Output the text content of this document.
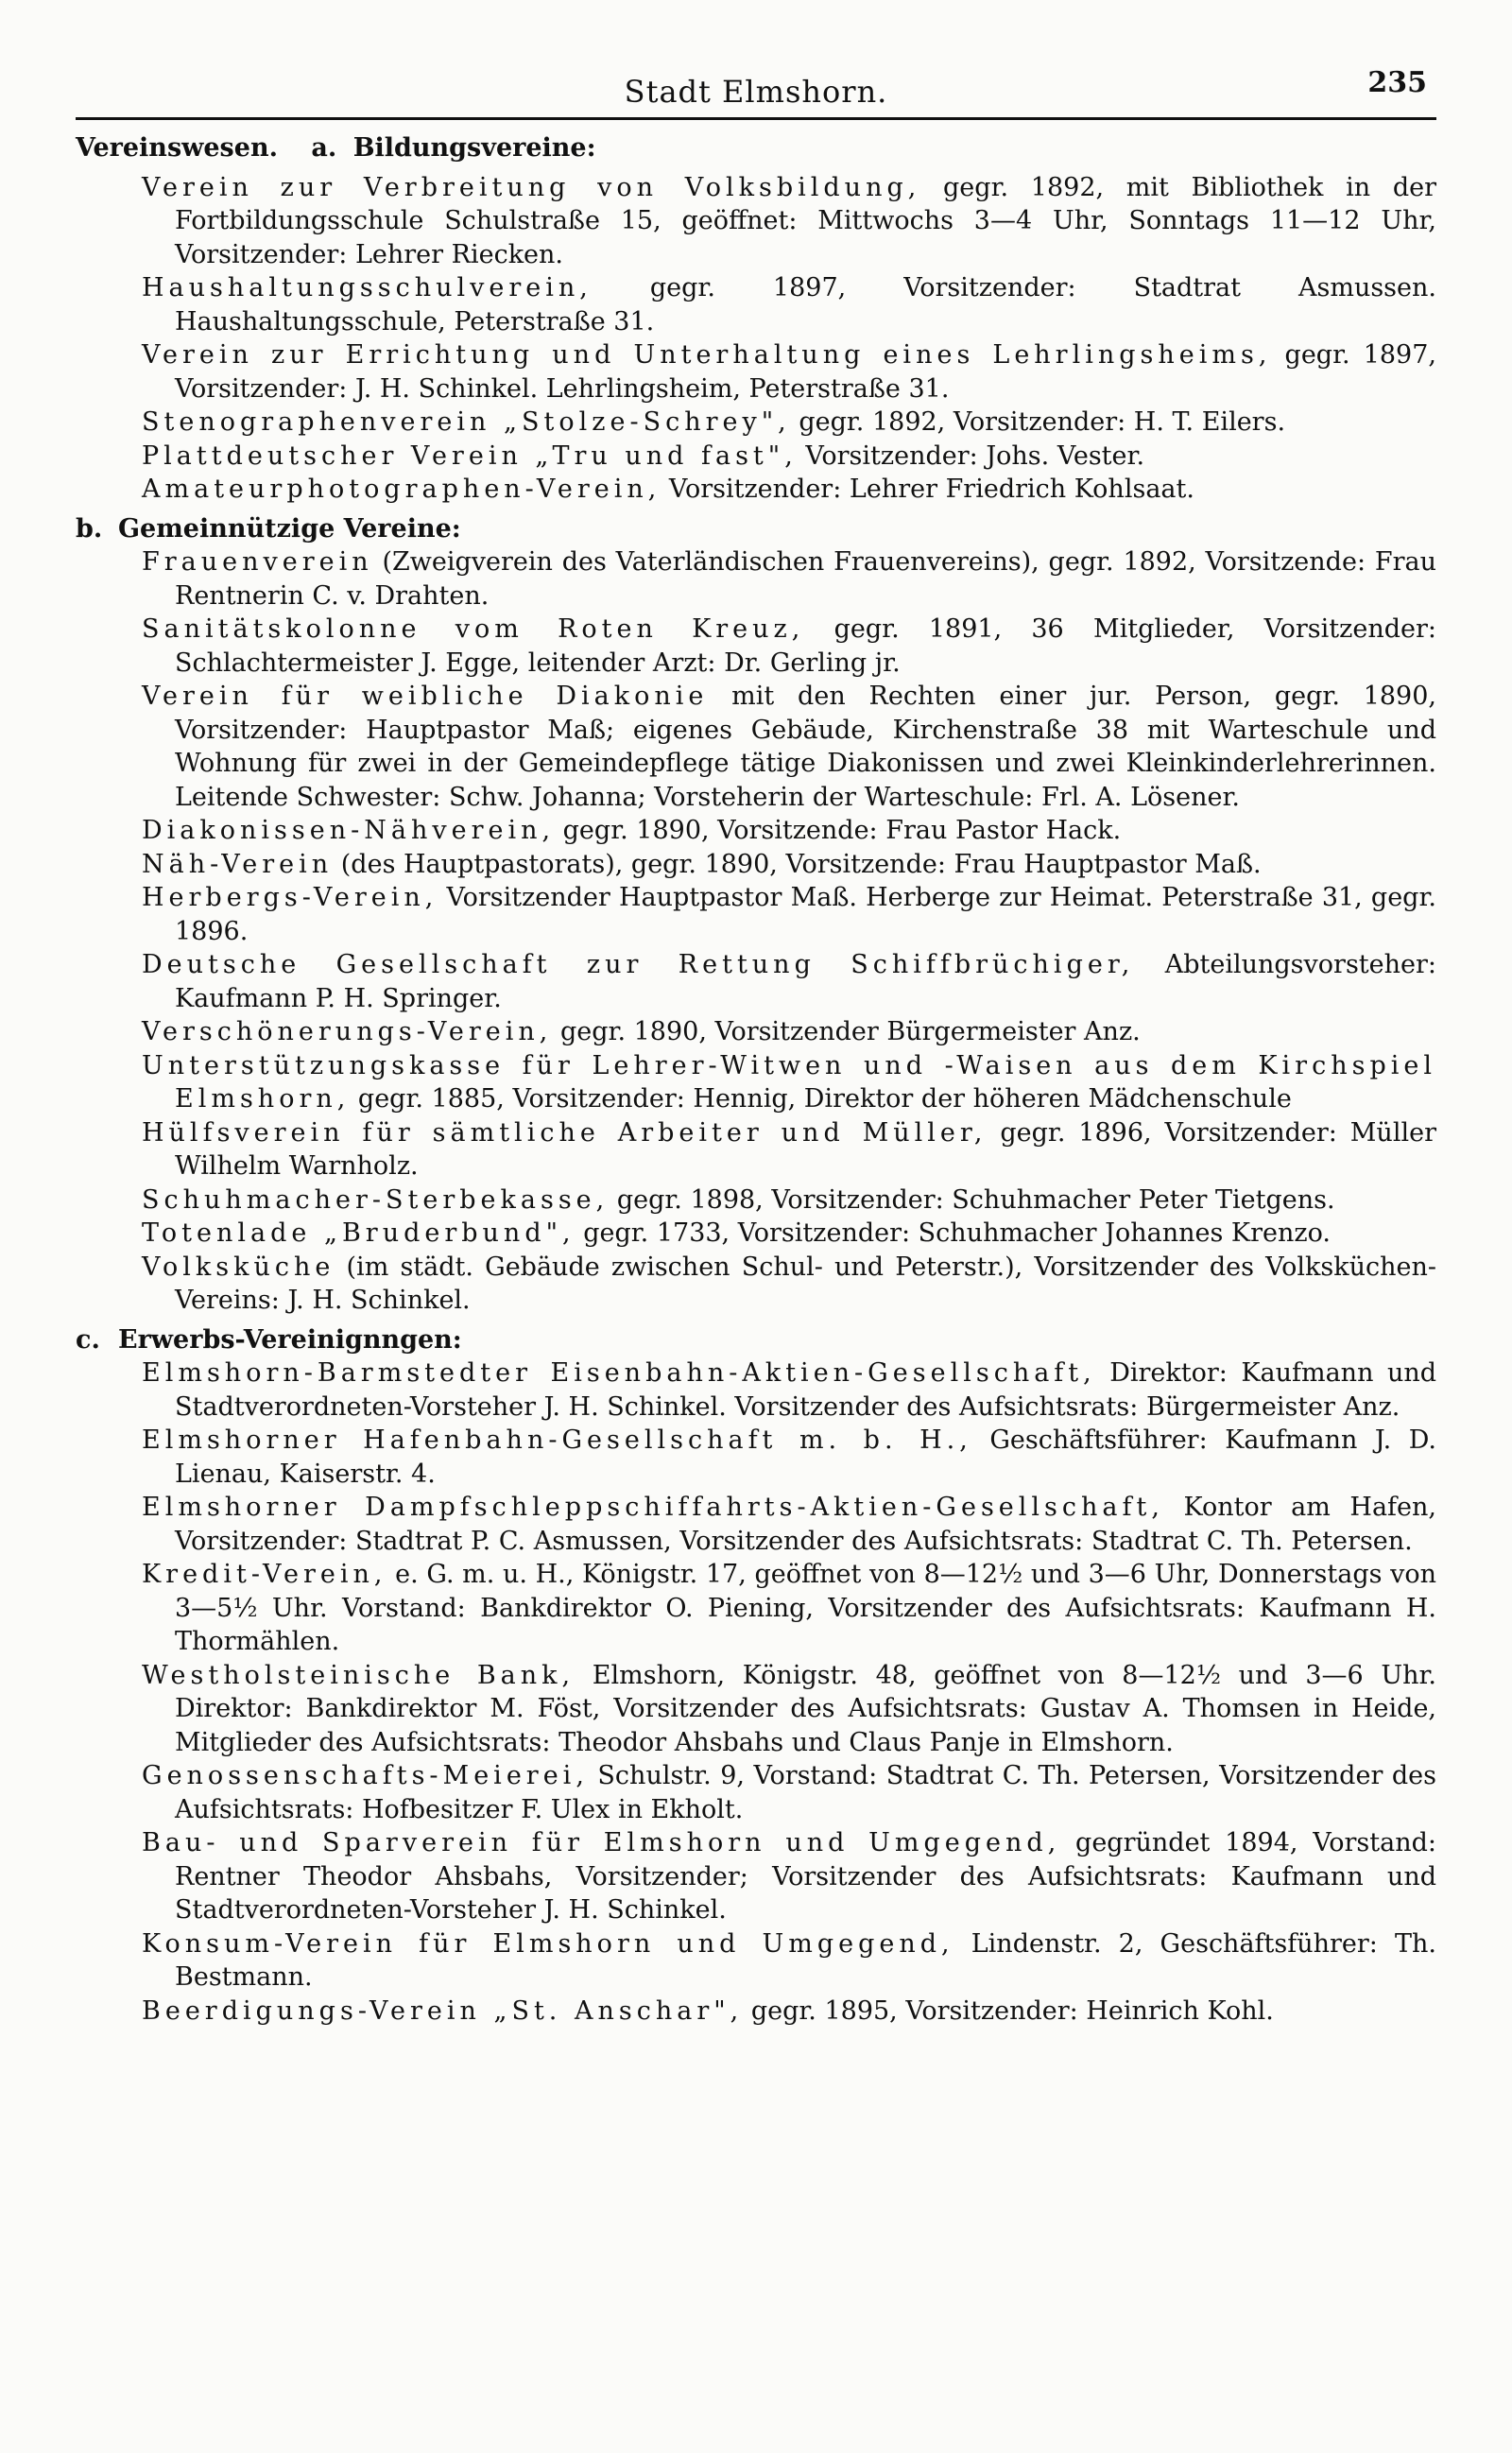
Stadt Elmshorn.	235
Vereinswesen. a. Bildungsvereine:
Verein zur Verbreitung von Volksbildung, gegr. 1892, mit Bibliothek in der Fortbildungsschule Schulstraße 15, geöffnet: Mittwochs 3—4 Uhr, Sonntags 11—12 Uhr, Vorsitzender: Lehrer Riecken.
Haushaltungsschulverein, gegr. 1897, Vorsitzender: Stadtrat Asmussen. Haushaltungsschule, Peterstraße 31.
Verein zur Errichtung und Unterhaltung eines Lehrlingsheims, gegr. 1897, Vorsitzender: J. H. Schinkel. Lehrlingsheim, Peterstraße 31.
Stenographenverein „Stolze-Schrey", gegr. 1892, Vorsitzender: H. T. Eilers.
Plattdeutscher Verein „Tru und fast", Vorsitzender: Johs. Vester.
Amateurphotographen-Verein, Vorsitzender: Lehrer Friedrich Kohlsaat.
b. Gemeinnützige Vereine:
Frauenverein (Zweigverein des Vaterländischen Frauenvereins), gegr. 1892, Vorsitzende: Frau Rentnerin C. v. Drahten.
Sanitätskolonne vom Roten Kreuz, gegr. 1891, 36 Mitglieder, Vorsitzender: Schlachtermeister J. Egge, leitender Arzt: Dr. Gerling jr.
Verein für weibliche Diakonie mit den Rechten einer jur. Person, gegr. 1890, Vorsitzender: Hauptpastor Maß; eigenes Gebäude, Kirchenstraße 38 mit Warteschule und Wohnung für zwei in der Gemeindepflege tätige Diakonissen und zwei Kleinkinderlehrerinnen. Leitende Schwester: Schw. Johanna; Vorsteherin der Warteschule: Frl. A. Lösener.
Diakonissen-Nähverein, gegr. 1890, Vorsitzende: Frau Pastor Hack.
Näh-Verein (des Hauptpastorats), gegr. 1890, Vorsitzende: Frau Hauptpastor Maß.
Herbergs-Verein, Vorsitzender Hauptpastor Maß. Herberge zur Heimat. Peterstraße 31, gegr. 1896.
Deutsche Gesellschaft zur Rettung Schiffbrüchiger, Abteilungsvorsteher: Kaufmann P. H. Springer.
Verschönerungs-Verein, gegr. 1890, Vorsitzender Bürgermeister Anz.
Unterstützungskasse für Lehrer-Witwen und -Waisen aus dem Kirchspiel Elmshorn, gegr. 1885, Vorsitzender: Hennig, Direktor der höheren Mädchenschule
Hülfsverein für sämtliche Arbeiter und Müller, gegr. 1896, Vorsitzender: Müller Wilhelm Warnholz.
Schuhmacher-Sterbekasse, gegr. 1898, Vorsitzender: Schuhmacher Peter Tietgens.
Totenlade „Bruderbund", gegr. 1733, Vorsitzender: Schuhmacher Johannes Krenzo.
Volksküche (im städt. Gebäude zwischen Schul- und Peterstr.), Vorsitzender des Volksküchen-Vereins: J. H. Schinkel.
c. Erwerbs-Vereinignngen:
Elmshorn-Barmstedter Eisenbahn-Aktien-Gesellschaft, Direktor: Kaufmann und Stadtverordneten-Vorsteher J. H. Schinkel. Vorsitzender des Aufsichtsrats: Bürgermeister Anz.
Elmshorner Hafenbahn-Gesellschaft m. b. H., Geschäftsführer: Kaufmann J. D. Lienau, Kaiserstr. 4.
Elmshorner Dampfschleppschiffahrts-Aktien-Gesellschaft, Kontor am Hafen, Vorsitzender: Stadtrat P. C. Asmussen, Vorsitzender des Aufsichtsrats: Stadtrat C. Th. Petersen.
Kredit-Verein, e. G. m. u. H., Königstr. 17, geöffnet von 8—12½ und 3—6 Uhr, Donnerstags von 3—5½ Uhr. Vorstand: Bankdirektor O. Piening, Vorsitzender des Aufsichtsrats: Kaufmann H. Thormählen.
Westholsteinische Bank, Elmshorn, Königstr. 48, geöffnet von 8—12½ und 3—6 Uhr. Direktor: Bankdirektor M. Föst, Vorsitzender des Aufsichtsrats: Gustav A. Thomsen in Heide, Mitglieder des Aufsichtsrats: Theodor Ahsbahs und Claus Panje in Elmshorn.
Genossenschafts-Meierei, Schulstr. 9, Vorstand: Stadtrat C. Th. Petersen, Vorsitzender des Aufsichtsrats: Hofbesitzer F. Ulex in Ekholt.
Bau- und Sparverein für Elmshorn und Umgegend, gegründet 1894, Vorstand: Rentner Theodor Ahsbahs, Vorsitzender; Vorsitzender des Aufsichtsrats: Kaufmann und Stadtverordneten-Vorsteher J. H. Schinkel.
Konsum-Verein für Elmshorn und Umgegend, Lindenstr. 2, Geschäftsführer: Th. Bestmann.
Beerdigungs-Verein „St. Anschar", gegr. 1895, Vorsitzender: Heinrich Kohl.
